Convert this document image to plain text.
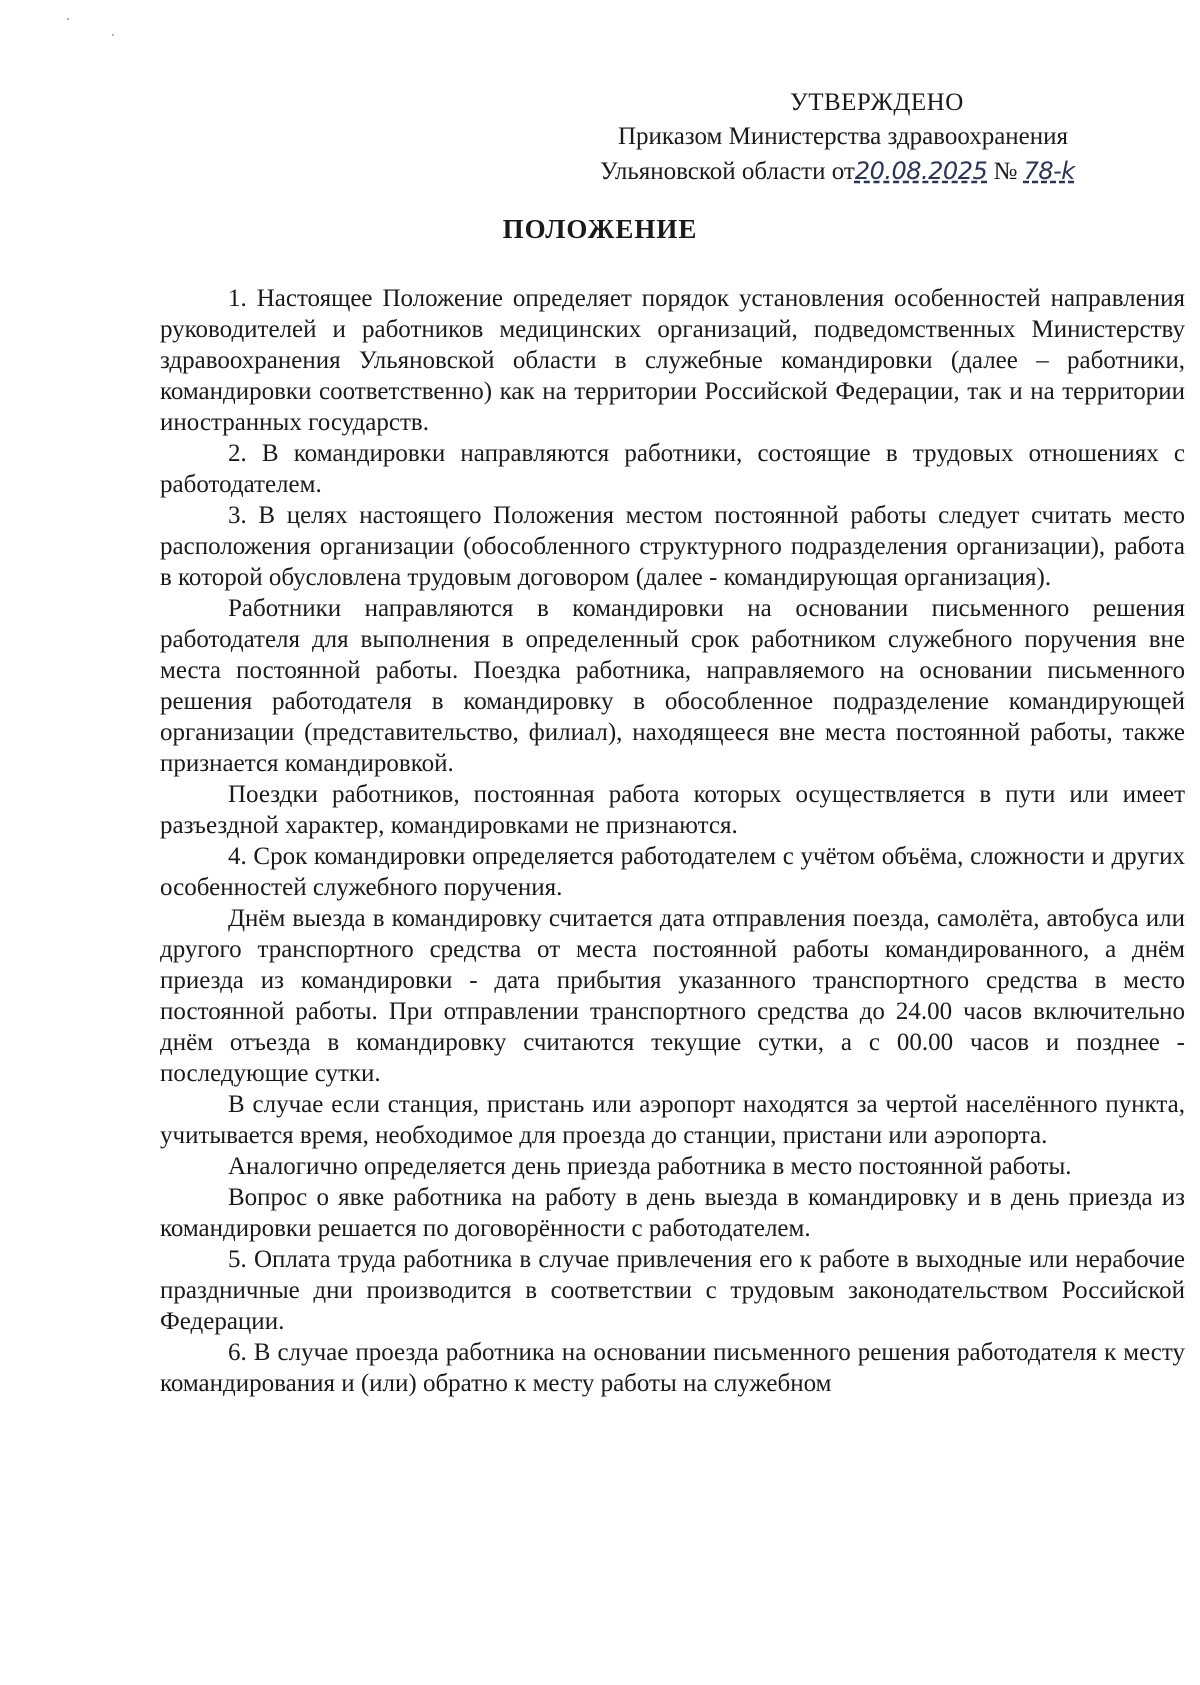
УТВЕРЖДЕНО
Приказом Министерства здравоохранения
Ульяновской области от20.08.2025 № 78-k
ПОЛОЖЕНИЕ

1. Настоящее Положение определяет порядок установления особенностей направления руководителей и работников медицинских организаций, подведомственных Министерству здравоохранения Ульяновской области в служебные командировки (далее – работники, командировки соответственно) как на территории Российской Федерации, так и на территории иностранных государств.

2. В командировки направляются работники, состоящие в трудовых отношениях с работодателем.

3. В целях настоящего Положения местом постоянной работы следует считать место расположения организации (обособленного структурного подразделения организации), работа в которой обусловлена трудовым договором (далее - командирующая организация).

Работники направляются в командировки на основании письменного решения работодателя для выполнения в определенный срок работником служебного поручения вне места постоянной работы. Поездка работника, направляемого на основании письменного решения работодателя в командировку в обособленное подразделение командирующей организации (представительство, филиал), находящееся вне места постоянной работы, также признается командировкой.

Поездки работников, постоянная работа которых осуществляется в пути или имеет разъездной характер, командировками не признаются.

4. Срок командировки определяется работодателем с учётом объёма, сложности и других особенностей служебного поручения.

Днём выезда в командировку считается дата отправления поезда, самолёта, автобуса или другого транспортного средства от места постоянной работы командированного, а днём приезда из командировки - дата прибытия указанного транспортного средства в место постоянной работы. При отправлении транспортного средства до 24.00 часов включительно днём отъезда в командировку считаются текущие сутки, а с 00.00 часов и позднее - последующие сутки.

В случае если станция, пристань или аэропорт находятся за чертой населённого пункта, учитывается время, необходимое для проезда до станции, пристани или аэропорта.

Аналогично определяется день приезда работника в место постоянной работы.

Вопрос о явке работника на работу в день выезда в командировку и в день приезда из командировки решается по договорённости с работодателем.

5. Оплата труда работника в случае привлечения его к работе в выходные или нерабочие праздничные дни производится в соответствии с трудовым законодательством Российской Федерации.

6. В случае проезда работника на основании письменного решения работодателя к месту командирования и (или) обратно к месту работы на служебном
